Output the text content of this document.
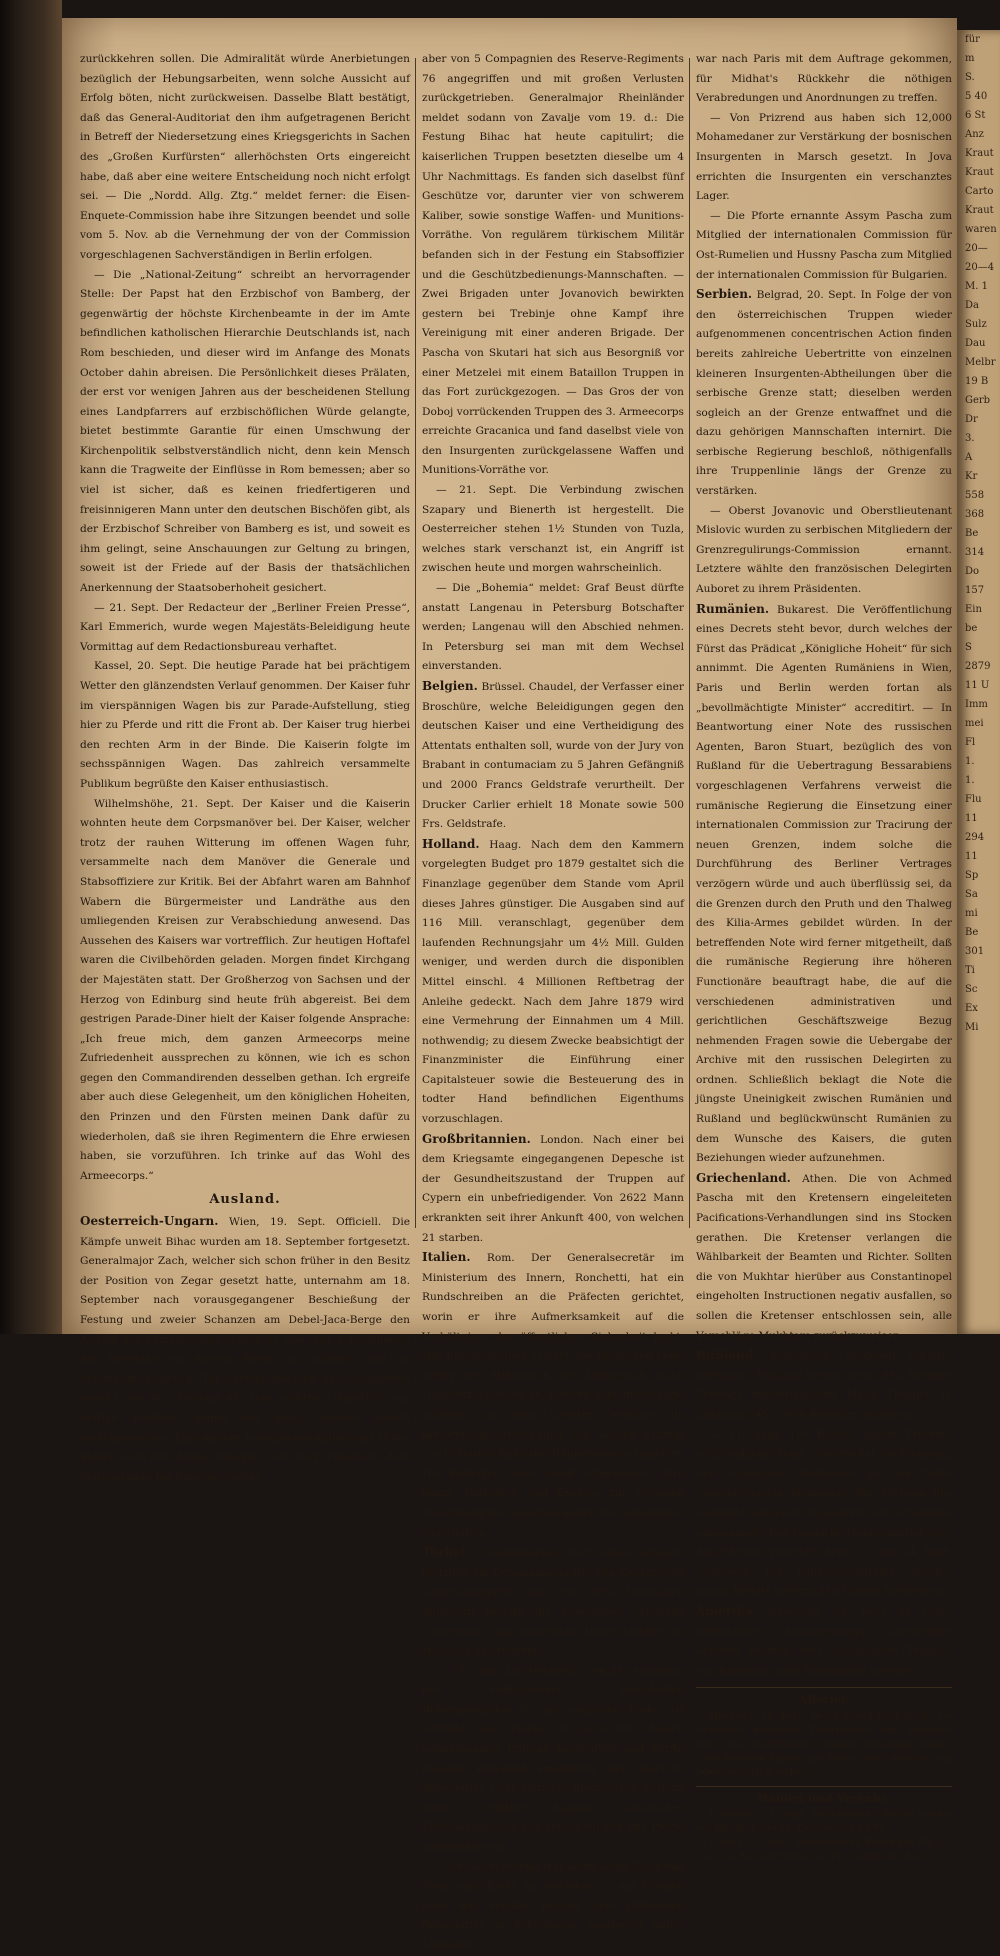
zurückkehren sollen. Die Admiralität würde Anerbietungen bezüglich der Hebungsarbeiten, wenn solche Aussicht auf Erfolg böten, nicht zurückweisen. Dasselbe Blatt bestätigt, daß das General-Auditoriat den ihm aufgetragenen Bericht in Betreff der Niedersetzung eines Kriegsgerichts in Sachen des „Großen Kurfürsten“ allerhöchsten Orts eingereicht habe, daß aber eine weitere Entscheidung noch nicht erfolgt sei. — Die „Nordd. Allg. Ztg.“ meldet ferner: die Eisen-Enquete-Commission habe ihre Sitzungen beendet und solle vom 5. Nov. ab die Vernehmung der von der Commission vorgeschlagenen Sachverständigen in Berlin erfolgen.

— Die „National-Zeitung“ schreibt an hervorragender Stelle: Der Papst hat den Erzbischof von Bamberg, der gegenwärtig der höchste Kirchenbeamte in der im Amte befindlichen katholischen Hierarchie Deutschlands ist, nach Rom beschieden, und dieser wird im Anfange des Monats October dahin abreisen. Die Persönlichkeit dieses Prälaten, der erst vor wenigen Jahren aus der bescheidenen Stellung eines Landpfarrers auf erzbischöflichen Würde gelangte, bietet bestimmte Garantie für einen Umschwung der Kirchenpolitik selbstverständlich nicht, denn kein Mensch kann die Tragweite der Einflüsse in Rom bemessen; aber so viel ist sicher, daß es keinen friedfertigeren und freisinnigeren Mann unter den deutschen Bischöfen gibt, als der Erzbischof Schreiber von Bamberg es ist, und soweit es ihm gelingt, seine Anschauungen zur Geltung zu bringen, soweit ist der Friede auf der Basis der thatsächlichen Anerkennung der Staatsoberhoheit gesichert.

— 21. Sept. Der Redacteur der „Berliner Freien Presse“, Karl Emmerich, wurde wegen Majestäts-Beleidigung heute Vormittag auf dem Redactionsbureau verhaftet.

Kassel, 20. Sept. Die heutige Parade hat bei prächtigem Wetter den glänzendsten Verlauf genommen. Der Kaiser fuhr im vierspännigen Wagen bis zur Parade-Aufstellung, stieg hier zu Pferde und ritt die Front ab. Der Kaiser trug hierbei den rechten Arm in der Binde. Die Kaiserin folgte im sechsspännigen Wagen. Das zahlreich versammelte Publikum begrüßte den Kaiser enthusiastisch.

Wilhelmshöhe, 21. Sept. Der Kaiser und die Kaiserin wohnten heute dem Corpsmanöver bei. Der Kaiser, welcher trotz der rauhen Witterung im offenen Wagen fuhr, versammelte nach dem Manöver die Generale und Stabsoffiziere zur Kritik. Bei der Abfahrt waren am Bahnhof Wabern die Bürgermeister und Landräthe aus den umliegenden Kreisen zur Verabschiedung anwesend. Das Aussehen des Kaisers war vortrefflich. Zur heutigen Hoftafel waren die Civilbehörden geladen. Morgen findet Kirchgang der Majestäten statt. Der Großherzog von Sachsen und der Herzog von Edinburg sind heute früh abgereist. Bei dem gestrigen Parade-Diner hielt der Kaiser folgende Ansprache: „Ich freue mich, dem ganzen Armeecorps meine Zufriedenheit aussprechen zu können, wie ich es schon gegen den Commandirenden desselben gethan. Ich ergreife aber auch diese Gelegenheit, um den königlichen Hoheiten, den Prinzen und den Fürsten meinen Dank dafür zu wiederholen, daß sie ihren Regimentern die Ehre erwiesen haben, sie vorzuführen. Ich trinke auf das Wohl des Armeecorps.“

Ausland.

Oesterreich-Ungarn. Wien, 19. Sept. Officiell. Die Kämpfe unweit Bihac wurden am 18. September fortgesetzt. Generalmajor Zach, welcher sich schon früher in den Besitz der Position von Zegar gesetzt hatte, unternahm am 18. September nach vorausgegangener Beschießung der Festung und zweier Schanzen am Debel-Jaca-Berge den Angriff auf letzteren und gelang es ihm, mit 4 Bataillonen die Vorwerke an diesem Berge zu nehmen und zu behaupten. Gegen 6 Uhr Abends machten die Insurgenten sowohl von der Festung als vom rechten Unna-Ufer aus heftige Vorstöße gegen den Berg, wurden jedoch zurückgewiesen. Eine andere Insurgenten-Abtheilung in der Stärke von 800 Mann näherte sich über Paparovic dem Plateaurande bei Baljevac, wurde

aber von 5 Compagnien des Reserve-Regiments 76 angegriffen und mit großen Verlusten zurückgetrieben. Generalmajor Rheinländer meldet sodann von Zavalje vom 19. d.: Die Festung Bihac hat heute capitulirt; die kaiserlichen Truppen besetzten dieselbe um 4 Uhr Nachmittags. Es fanden sich daselbst fünf Geschütze vor, darunter vier von schwerem Kaliber, sowie sonstige Waffen- und Munitions-Vorräthe. Von regulärem türkischem Militär befanden sich in der Festung ein Stabsoffizier und die Geschützbedienungs-Mannschaften. — Zwei Brigaden unter Jovanovich bewirkten gestern bei Trebinje ohne Kampf ihre Vereinigung mit einer anderen Brigade. Der Pascha von Skutari hat sich aus Besorgniß vor einer Metzelei mit einem Bataillon Truppen in das Fort zurückgezogen. — Das Gros der von Doboj vorrückenden Truppen des 3. Armeecorps erreichte Gracanica und fand daselbst viele von den Insurgenten zurückgelassene Waffen und Munitions-Vorräthe vor.

— 21. Sept. Die Verbindung zwischen Szapary und Bienerth ist hergestellt. Die Oesterreicher stehen 1½ Stunden von Tuzla, welches stark verschanzt ist, ein Angriff ist zwischen heute und morgen wahrscheinlich.

— Die „Bohemia“ meldet: Graf Beust dürfte anstatt Langenau in Petersburg Botschafter werden; Langenau will den Abschied nehmen. In Petersburg sei man mit dem Wechsel einverstanden.

Belgien. Brüssel. Chaudel, der Verfasser einer Broschüre, welche Beleidigungen gegen den deutschen Kaiser und eine Vertheidigung des Attentats enthalten soll, wurde von der Jury von Brabant in contumaciam zu 5 Jahren Gefängniß und 2000 Francs Geldstrafe verurtheilt. Der Drucker Carlier erhielt 18 Monate sowie 500 Frs. Geldstrafe.

Holland. Haag. Nach dem den Kammern vorgelegten Budget pro 1879 gestaltet sich die Finanzlage gegenüber dem Stande vom April dieses Jahres günstiger. Die Ausgaben sind auf 116 Mill. veranschlagt, gegenüber dem laufenden Rechnungsjahr um 4½ Mill. Gulden weniger, und werden durch die disponiblen Mittel einschl. 4 Millionen Reftbetrag der Anleihe gedeckt. Nach dem Jahre 1879 wird eine Vermehrung der Einnahmen um 4 Mill. nothwendig; zu diesem Zwecke beabsichtigt der Finanzminister die Einführung einer Capitalsteuer sowie die Besteuerung des in todter Hand befindlichen Eigenthums vorzuschlagen.

Großbritannien. London. Nach einer bei dem Kriegsamte eingegangenen Depesche ist der Gesundheitszustand der Truppen auf Cypern ein unbefriedigender. Von 2622 Mann erkrankten seit ihrer Ankunft 400, von welchen 21 starben.

Italien. Rom. Der Generalsecretär im Ministerium des Innern, Ronchetti, hat ein Rundschreiben an die Präfecten gerichtet, worin er ihre Aufmerksamkeit auf die Verhältnisse der öffentlichen Sicherheit lenkt. Das Rundschreiben erklärt, die Regierung lasse weder den Mißbrauch der Amtsgewalt, noch Ungesetzlichkeiten zu, fordere aber unbedingte Achtung vor dem Gesetze, welches die nothwendige Anwendung von loyalen Mitteln zur Unterdrückung des Räuberwesens implicirt. Die Präfecten seien somit aufgefordert, ihre ganze Thätigkeit und Energie zur strengen Anwendung des Gesetzes gegen die Uebelthäter zu entfalten.

Türkei. Constantinopel. Der Sultan versagte plötzlich die Genehmigung der von Oesterreich vorgeschlagenen und von den türkischen Ministern bereits für annehmbar erklärten Convention; das kaiserliche Irade darüber ist stündlich zu erwarten.

— 19. Sept. Die Nachricht von der Annahme des englischerseits vorgelegten Reformprojectes für die asiatische Türkei ist verfrüht; die Pforte ist noch mit dessen aufmerksamer Prüfung beschäftigt und dürfte dasselbe erheblich amendiren. Der deutsche Botschafter Graf Hatzfeld überreichte gestern seine Creditive. Klapka's asiatisches Eisenbahnproject soll principiell von der Pforte genehmigt sein.

— 19. Sept. Midhat trat heute seine Reise von Paris nach Kreta an, nachdem er am Morgen noch mit Schakir Pascha, dem türkischen Botschafter in Petersburg, gearbeitet hatte. Letzterer

war nach Paris mit dem Auftrage gekommen, für Midhat's Rückkehr die nöthigen Verabredungen und Anordnungen zu treffen.

— Von Prizrend aus haben sich 12,000 Mohamedaner zur Verstärkung der bosnischen Insurgenten in Marsch gesetzt. In Jova errichten die Insurgenten ein verschanztes Lager.

— Die Pforte ernannte Assym Pascha zum Mitglied der internationalen Commission für Ost-Rumelien und Hussny Pascha zum Mitglied der internationalen Commission für Bulgarien.

Serbien. Belgrad, 20. Sept. In Folge der von den österreichischen Truppen wieder aufgenommenen concentrischen Action finden bereits zahlreiche Uebertritte von einzelnen kleineren Insurgenten-Abtheilungen über die serbische Grenze statt; dieselben werden sogleich an der Grenze entwaffnet und die dazu gehörigen Mannschaften internirt. Die serbische Regierung beschloß, nöthigenfalls ihre Truppenlinie längs der Grenze zu verstärken.

— Oberst Jovanovic und Oberstlieutenant Mislovic wurden zu serbischen Mitgliedern der Grenzregulirungs-Commission ernannt. Letztere wählte den französischen Delegirten Auboret zu ihrem Präsidenten.

Rumänien. Bukarest. Die Veröffentlichung eines Decrets steht bevor, durch welches der Fürst das Prädicat „Königliche Hoheit“ für sich annimmt. Die Agenten Rumäniens in Wien, Paris und Berlin werden fortan als „bevollmächtigte Minister“ accreditirt. — In Beantwortung einer Note des russischen Agenten, Baron Stuart, bezüglich des von Rußland für die Uebertragung Bessarabiens vorgeschlagenen Verfahrens verweist die rumänische Regierung die Einsetzung einer internationalen Commission zur Tracirung der neuen Grenzen, indem solche die Durchführung des Berliner Vertrages verzögern würde und auch überflüssig sei, da die Grenzen durch den Pruth und den Thalweg des Kilia-Armes gebildet würden. In der betreffenden Note wird ferner mitgetheilt, daß die rumänische Regierung ihre höheren Functionäre beauftragt habe, die auf die verschiedenen administrativen und gerichtlichen Geschäftszweige Bezug nehmenden Fragen sowie die Uebergabe der Archive mit den russischen Delegirten zu ordnen. Schließlich beklagt die Note die jüngste Uneinigkeit zwischen Rumänien und Rußland und beglückwünscht Rumänien zu dem Wunsche des Kaisers, die guten Beziehungen wieder aufzunehmen.

Griechenland. Athen. Die von Achmed Pascha mit den Kretensern eingeleiteten Pacifications-Verhandlungen sind ins Stocken gerathen. Die Kretenser verlangen die Wählbarkeit der Beamten und Richter. Sollten die von Mukhtar hierüber aus Constantinopel eingeholten Instructionen negativ ausfallen, so sollen die Kretenser entschlossen sein, alle Vorschläge Mukhtars zurückzuweisen.

Rußland. Petersburg. Skobeleff erklärte öffentlich, Rußland werde trotz des Berliner Vertrags hunderttausend Mann Truppen in Bulgarien, 45,000 in Rumelien behalten.

— 21. Sept. Die Russen haben Erzerum vollständig geräumt. Gestern hat die Räumung der russischen Stellungen in der Nähe Constantinopels begonnen. Die Division des Generals Skobeleff ist gestern von Tschataldja abgegangen. Das russische Hauptquartier wird San Stefano zwischen dem 23. und 24. Sept. verlassen. Die Polizeiverwaltung daselbst wurde bereits gestern den Türken übergeben.

Amerika. New-York, 21. Sept. In Folge bedrohlicher Kundgebungen streikender Arbeiter wurden zwei Compagnien Truppen von Baltimore nach Washington beordert.

Allerlei.

Hamburg, 20. Sept. Heute Abend fand in der am Grasbrook gelegenen Theerfiederei eine Explosion statt. Die Theerfiederei brannte vollständig nieder. Zwei Personen kamen ums Leben; zwei Arbeiter sind lebensgefährlich verletzt.

Handel und Verkehr.

Friedberg, 21. Sept. Wochenmarkt. Butter kostete per Pfd. M. 1.20—30, Eier per Stück 6 Pf.

Gießen, 21. Sept. Wochenmarkt. Butter per Pfd. M. 1.—1.10, Eier per Stück 5—6 Pf., Tauben das Paar

für
m
S.
5 40
6 St
Anz
Kraut
Kraut
Carto
Kraut
waren
20—
20—4
M. 1
Da
Sulz
Dau
Melbr
19 B
Gerb
Dr
3.
A
Kr
558
368
Be
314
Do
157
Ein
be
S
2879
11 U
Imm
mei
Fl
1.
1.
Flu
11
294
11
Sp
Sa
mi
Be
301
Ti
Sc
Ex
Mi
